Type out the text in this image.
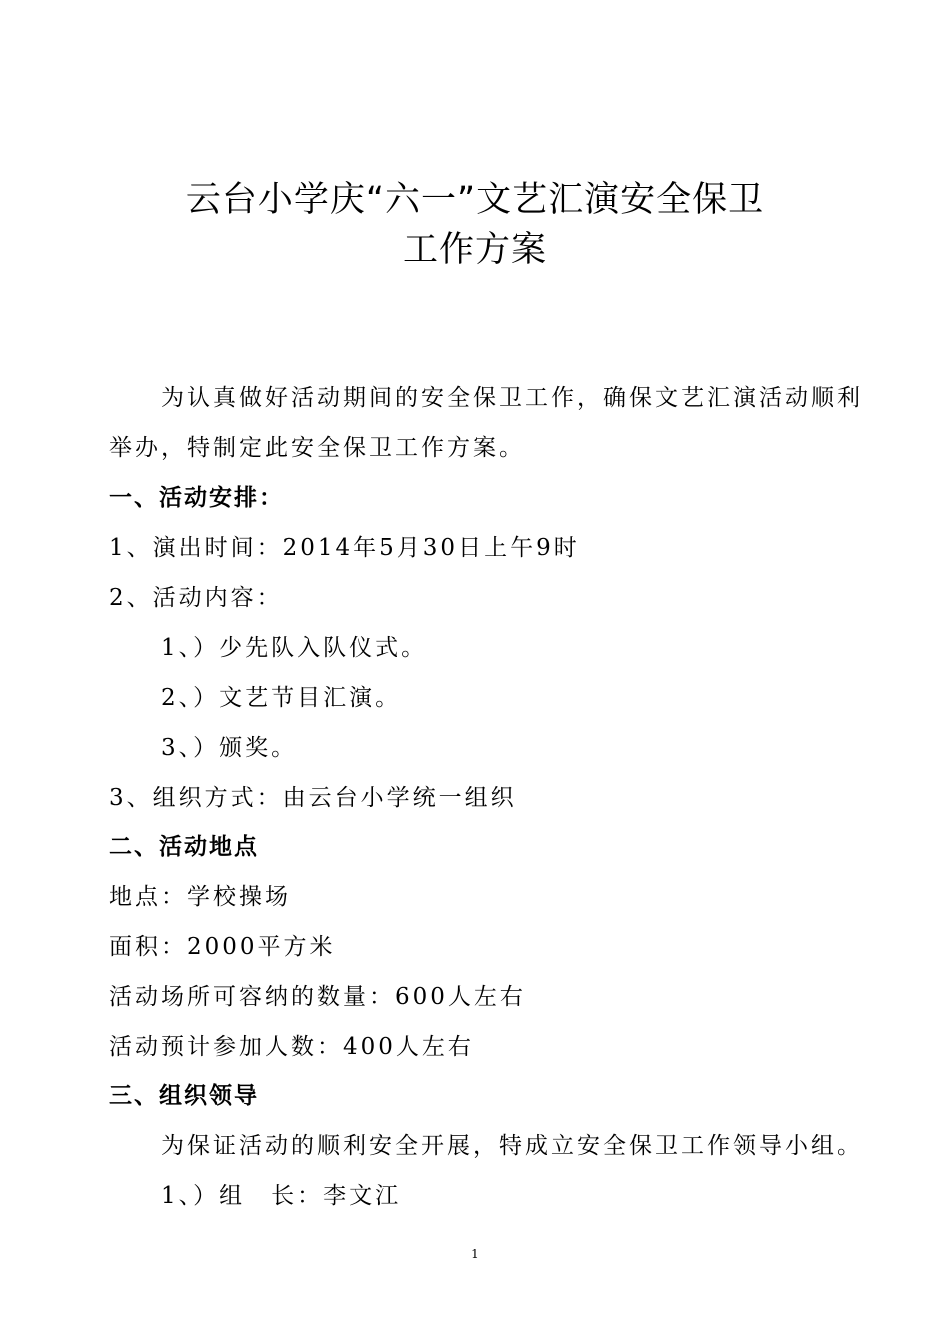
云台小学庆“六一”文艺汇演安全保卫
工作方案
为认真做好活动期间的安全保卫工作，确保文艺汇演活动顺利
举办，特制定此安全保卫工作方案。
一、活动安排：
1、演出时间：2014年5月30日上午9时
2、活动内容：
1、）少先队入队仪式。
2、）文艺节目汇演。
3、）颁奖。
3、组织方式：由云台小学统一组织
二、活动地点
地点：学校操场
面积：2000平方米
活动场所可容纳的数量：600人左右
活动预计参加人数：400人左右
三、组织领导
为保证活动的顺利安全开展，特成立安全保卫工作领导小组。
1、）组　长：李文江
1
